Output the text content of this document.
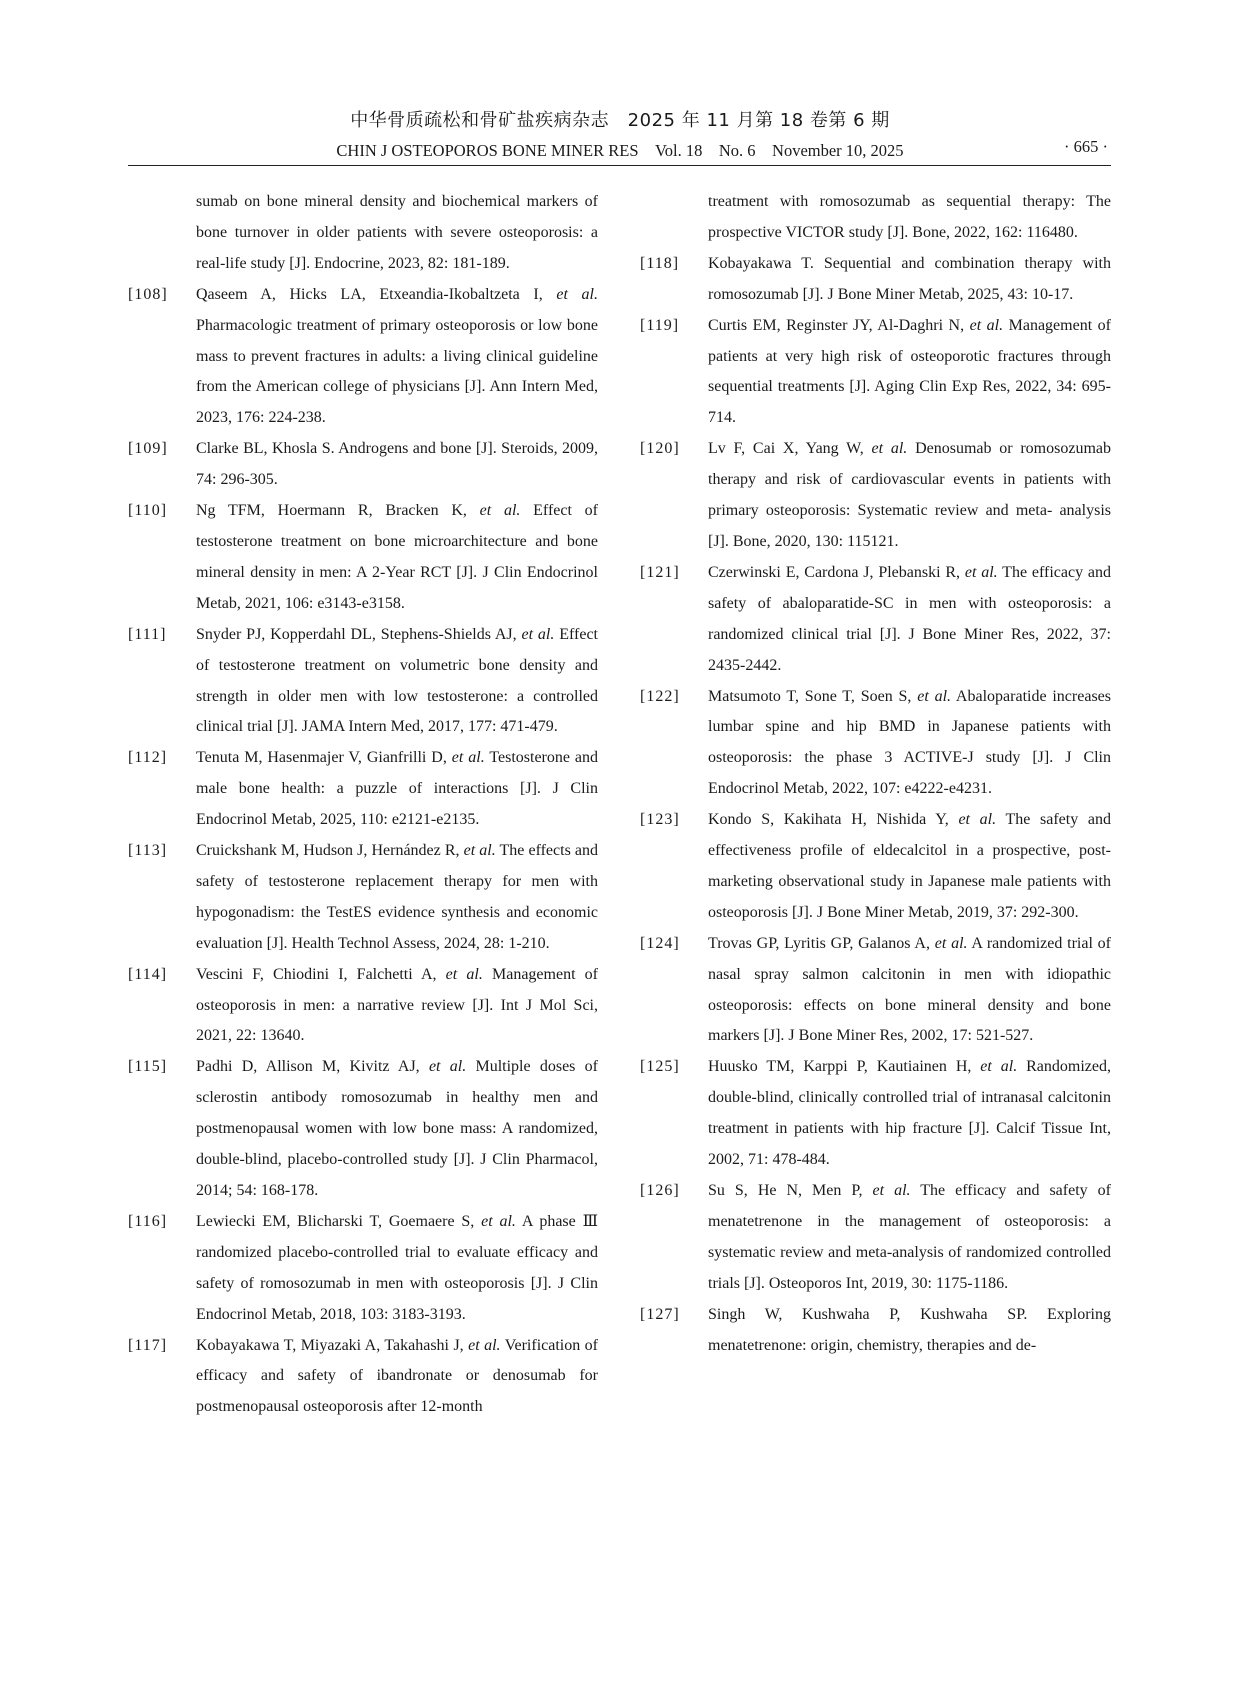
中华骨质疏松和骨矿盐疾病杂志　2025 年 11 月第 18 卷第 6 期
CHIN J OSTEOPOROS BONE MINER RES　Vol. 18　No. 6　November 10, 2025	· 665 ·
sumab on bone mineral density and biochemical markers of bone turnover in older patients with severe osteoporosis: a real-life study [J]. Endocrine, 2023, 82: 181-189.
[108]	Qaseem A, Hicks LA, Etxeandia-Ikobaltzeta I, et al. Pharmacologic treatment of primary osteoporosis or low bone mass to prevent fractures in adults: a living clinical guideline from the American college of physicians [J]. Ann Intern Med, 2023, 176: 224-238.
[109]	Clarke BL, Khosla S. Androgens and bone [J]. Steroids, 2009, 74: 296-305.
[110]	Ng TFM, Hoermann R, Bracken K, et al. Effect of testosterone treatment on bone microarchitecture and bone mineral density in men: A 2-Year RCT [J]. J Clin Endocrinol Metab, 2021, 106: e3143-e3158.
[111]	Snyder PJ, Kopperdahl DL, Stephens-Shields AJ, et al. Effect of testosterone treatment on volumetric bone density and strength in older men with low testosterone: a controlled clinical trial [J]. JAMA Intern Med, 2017, 177: 471-479.
[112]	Tenuta M, Hasenmajer V, Gianfrilli D, et al. Testosterone and male bone health: a puzzle of interactions [J]. J Clin Endocrinol Metab, 2025, 110: e2121-e2135.
[113]	Cruickshank M, Hudson J, Hernández R, et al. The effects and safety of testosterone replacement therapy for men with hypogonadism: the TestES evidence synthesis and economic evaluation [J]. Health Technol Assess, 2024, 28: 1-210.
[114]	Vescini F, Chiodini I, Falchetti A, et al. Management of osteoporosis in men: a narrative review [J]. Int J Mol Sci, 2021, 22: 13640.
[115]	Padhi D, Allison M, Kivitz AJ, et al. Multiple doses of sclerostin antibody romosozumab in healthy men and postmenopausal women with low bone mass: A randomized, double-blind, placebo-controlled study [J]. J Clin Pharmacol, 2014; 54: 168-178.
[116]	Lewiecki EM, Blicharski T, Goemaere S, et al. A phase Ⅲ randomized placebo-controlled trial to evaluate efficacy and safety of romosozumab in men with osteoporosis [J]. J Clin Endocrinol Metab, 2018, 103: 3183-3193.
[117]	Kobayakawa T, Miyazaki A, Takahashi J, et al. Verification of efficacy and safety of ibandronate or denosumab for postmenopausal osteoporosis after 12-month
treatment with romosozumab as sequential therapy: The prospective VICTOR study [J]. Bone, 2022, 162: 116480.
[118]	Kobayakawa T. Sequential and combination therapy with romosozumab [J]. J Bone Miner Metab, 2025, 43: 10-17.
[119]	Curtis EM, Reginster JY, Al-Daghri N, et al. Management of patients at very high risk of osteoporotic fractures through sequential treatments [J]. Aging Clin Exp Res, 2022, 34: 695-714.
[120]	Lv F, Cai X, Yang W, et al. Denosumab or romosozumab therapy and risk of cardiovascular events in patients with primary osteoporosis: Systematic review and meta- analysis [J]. Bone, 2020, 130: 115121.
[121]	Czerwinski E, Cardona J, Plebanski R, et al. The efficacy and safety of abaloparatide-SC in men with osteoporosis: a randomized clinical trial [J]. J Bone Miner Res, 2022, 37: 2435-2442.
[122]	Matsumoto T, Sone T, Soen S, et al. Abaloparatide increases lumbar spine and hip BMD in Japanese patients with osteoporosis: the phase 3 ACTIVE-J study [J]. J Clin Endocrinol Metab, 2022, 107: e4222-e4231.
[123]	Kondo S, Kakihata H, Nishida Y, et al. The safety and effectiveness profile of eldecalcitol in a prospective, post-marketing observational study in Japanese male patients with osteoporosis [J]. J Bone Miner Metab, 2019, 37: 292-300.
[124]	Trovas GP, Lyritis GP, Galanos A, et al. A randomized trial of nasal spray salmon calcitonin in men with idiopathic osteoporosis: effects on bone mineral density and bone markers [J]. J Bone Miner Res, 2002, 17: 521-527.
[125]	Huusko TM, Karppi P, Kautiainen H, et al. Randomized, double-blind, clinically controlled trial of intranasal calcitonin treatment in patients with hip fracture [J]. Calcif Tissue Int, 2002, 71: 478-484.
[126]	Su S, He N, Men P, et al. The efficacy and safety of menatetrenone in the management of osteoporosis: a systematic review and meta-analysis of randomized controlled trials [J]. Osteoporos Int, 2019, 30: 1175-1186.
[127]	Singh W, Kushwaha P, Kushwaha SP. Exploring menatetrenone: origin, chemistry, therapies and de-
